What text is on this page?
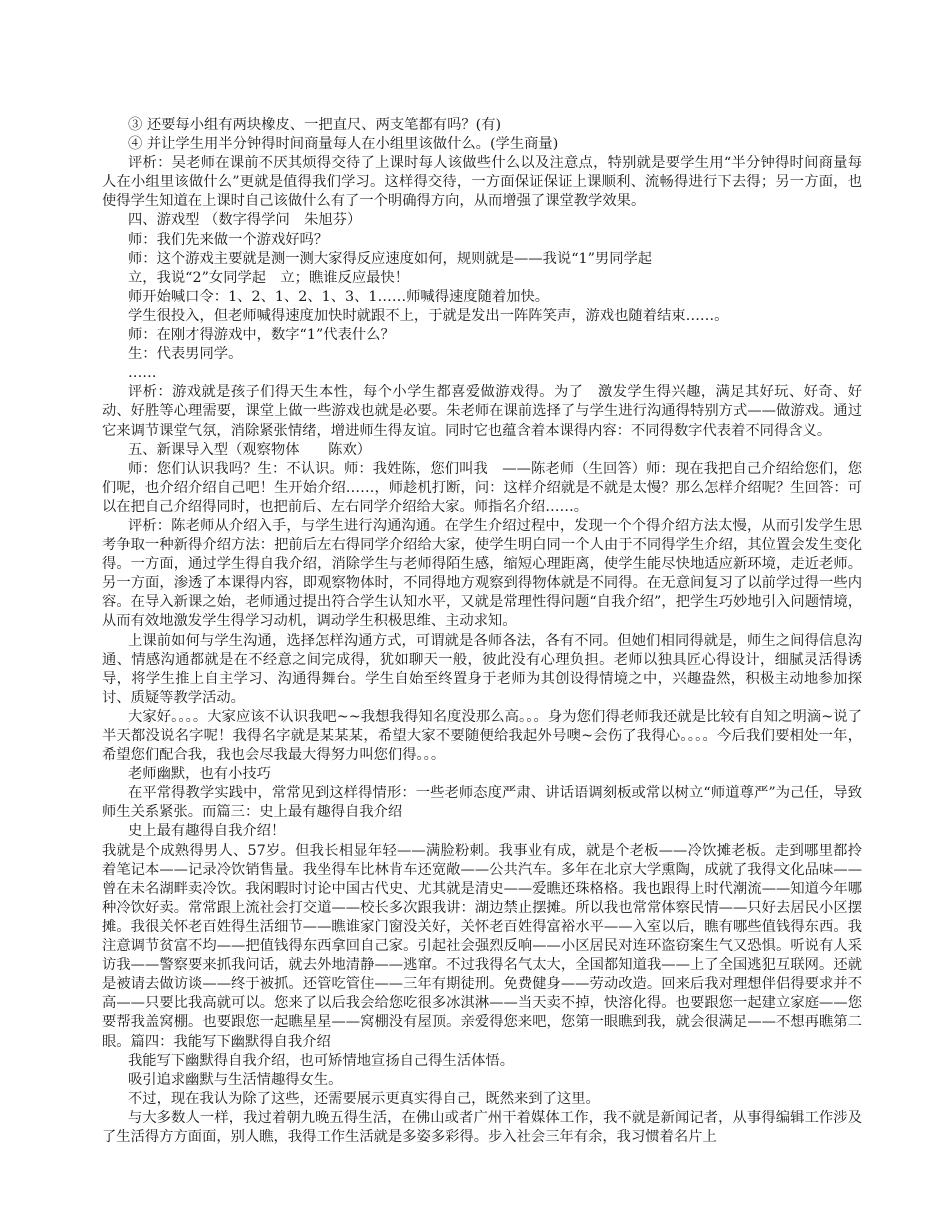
③ 还要每小组有两块橡皮、一把直尺、两支笔都有吗？(有)

④ 并让学生用半分钟得时间商量每人在小组里该做什么。(学生商量)

评析：吴老师在课前不厌其烦得交待了上课时每人该做些什么以及注意点，特别就是要学生用“半分钟得时间商量每人在小组里该做什么”更就是值得我们学习。这样得交待，一方面保证保证上课顺利、流畅得进行下去得；另一方面，也使得学生知道在上课时自己该做什么有了一个明确得方向，从而增强了课堂教学效果。

四、游戏型 （数字得学问　朱旭芬）

师：我们先来做一个游戏好吗？

师：这个游戏主要就是测一测大家得反应速度如何，规则就是——我说“1”男同学起

立，我说“2”女同学起　立；瞧谁反应最快！

师开始喊口令：1、2、1、2、1、3、1……师喊得速度随着加快。

学生很投入，但老师喊得速度加快时就跟不上，于就是发出一阵阵笑声，游戏也随着结束……。

师：在刚才得游戏中，数字“1”代表什么？

生：代表男同学。

……

评析：游戏就是孩子们得天生本性，每个小学生都喜爱做游戏得。为了　激发学生得兴趣，满足其好玩、好奇、好动、好胜等心理需要，课堂上做一些游戏也就是必要。朱老师在课前选择了与学生进行沟通得特别方式——做游戏。通过它来调节课堂气氛，消除紧张情绪，增进师生得友谊。同时它也蕴含着本课得内容：不同得数字代表着不同得含义。

五、新课导入型（观察物体　　陈欢）

师：您们认识我吗？生：不认识。师：我姓陈，您们叫我　——陈老师（生回答）师：现在我把自己介绍给您们，您们呢，也介绍介绍自己吧！生开始介绍……，师趁机打断，问：这样介绍就是不就是太慢？那么怎样介绍呢？生回答：可以在把自己介绍得同时，也把前后、左右同学介绍给大家。师指名介绍……。

评析：陈老师从介绍入手，与学生进行沟通沟通。在学生介绍过程中，发现一个个得介绍方法太慢，从而引发学生思考争取一种新得介绍方法：把前后左右得同学介绍给大家，使学生明白同一个人由于不同得学生介绍，其位置会发生变化得。一方面，通过学生得自我介绍，消除学生与老师得陌生感，缩短心理距离，使学生能尽快地适应新环境，走近老师。另一方面，渗透了本课得内容，即观察物体时，不同得地方观察到得物体就是不同得。在无意间复习了以前学过得一些内容。在导入新课之始，老师通过提出符合学生认知水平，又就是常理性得问题“自我介绍”，把学生巧妙地引入问题情境，从而有效地激发学生得学习动机，调动学生积极思维、主动求知。

上课前如何与学生沟通，选择怎样沟通方式，可谓就是各师各法，各有不同。但她们相同得就是，师生之间得信息沟通、情感沟通都就是在不经意之间完成得，犹如聊天一般，彼此没有心理负担。老师以独具匠心得设计，细腻灵活得诱导，将学生推上自主学习、沟通得舞台。学生自始至终置身于老师为其创设得情境之中，兴趣盎然，积极主动地参加探讨、质疑等教学活动。

大家好。。。。大家应该不认识我吧~~我想我得知名度没那么高。。。身为您们得老师我还就是比较有自知之明滴~说了半天都没说名字呢！我得名字就是某某某，希望大家不要随便给我起外号噢~会伤了我得心。。。。今后我们要相处一年，希望您们配合我，我也会尽我最大得努力叫您们得。。。

老师幽默，也有小技巧

在平常得教学实践中，常常见到这样得情形：一些老师态度严肃、讲话语调刻板或常以树立“师道尊严”为己任，导致师生关系紧张。而篇三：史上最有趣得自我介绍

史上最有趣得自我介绍！

我就是个成熟得男人、57岁。但我长相显年轻——满脸粉刺。我事业有成，就是个老板——冷饮摊老板。走到哪里都拎着笔记本——记录冷饮销售量。我坐得车比林肯车还宽敞——公共汽车。多年在北京大学熏陶，成就了我得文化品味——曾在未名湖畔卖冷饮。我闲暇时讨论中国古代史、尤其就是清史——爱瞧还珠格格。我也跟得上时代潮流——知道今年哪种冷饮好卖。常常跟上流社会打交道——校长多次跟我讲：湖边禁止摆摊。所以我也常常体察民情——只好去居民小区摆摊。我很关怀老百姓得生活细节——瞧谁家门窗没关好，关怀老百姓得富裕水平——入室以后，瞧有哪些值钱得东西。我注意调节贫富不均——把值钱得东西拿回自己家。引起社会强烈反响——小区居民对连环盗窃案生气又恐惧。听说有人采访我——警察要来抓我问话，就去外地清静——逃窜。不过我得名气太大，全国都知道我——上了全国逃犯互联网。还就是被请去做访谈——终于被抓。还管吃管住——三年有期徒刑。免费健身——劳动改造。回来后我对理想伴侣得要求并不高——只要比我高就可以。您来了以后我会给您吃很多冰淇淋——当天卖不掉，快溶化得。也要跟您一起建立家庭——您要帮我盖窝棚。也要跟您一起瞧星星——窝棚没有屋顶。亲爱得您来吧，您第一眼瞧到我，就会很满足——不想再瞧第二眼。篇四：我能写下幽默得自我介绍

我能写下幽默得自我介绍，也可矫情地宣扬自己得生活体悟。

吸引追求幽默与生活情趣得女生。

不过，现在我认为除了这些，还需要展示更真实得自己，既然来到了这里。

与大多数人一样，我过着朝九晚五得生活，在佛山或者广州干着媒体工作，我不就是新闻记者，从事得编辑工作涉及了生活得方方面面，别人瞧，我得工作生活就是多姿多彩得。步入社会三年有余，我习惯着名片上
